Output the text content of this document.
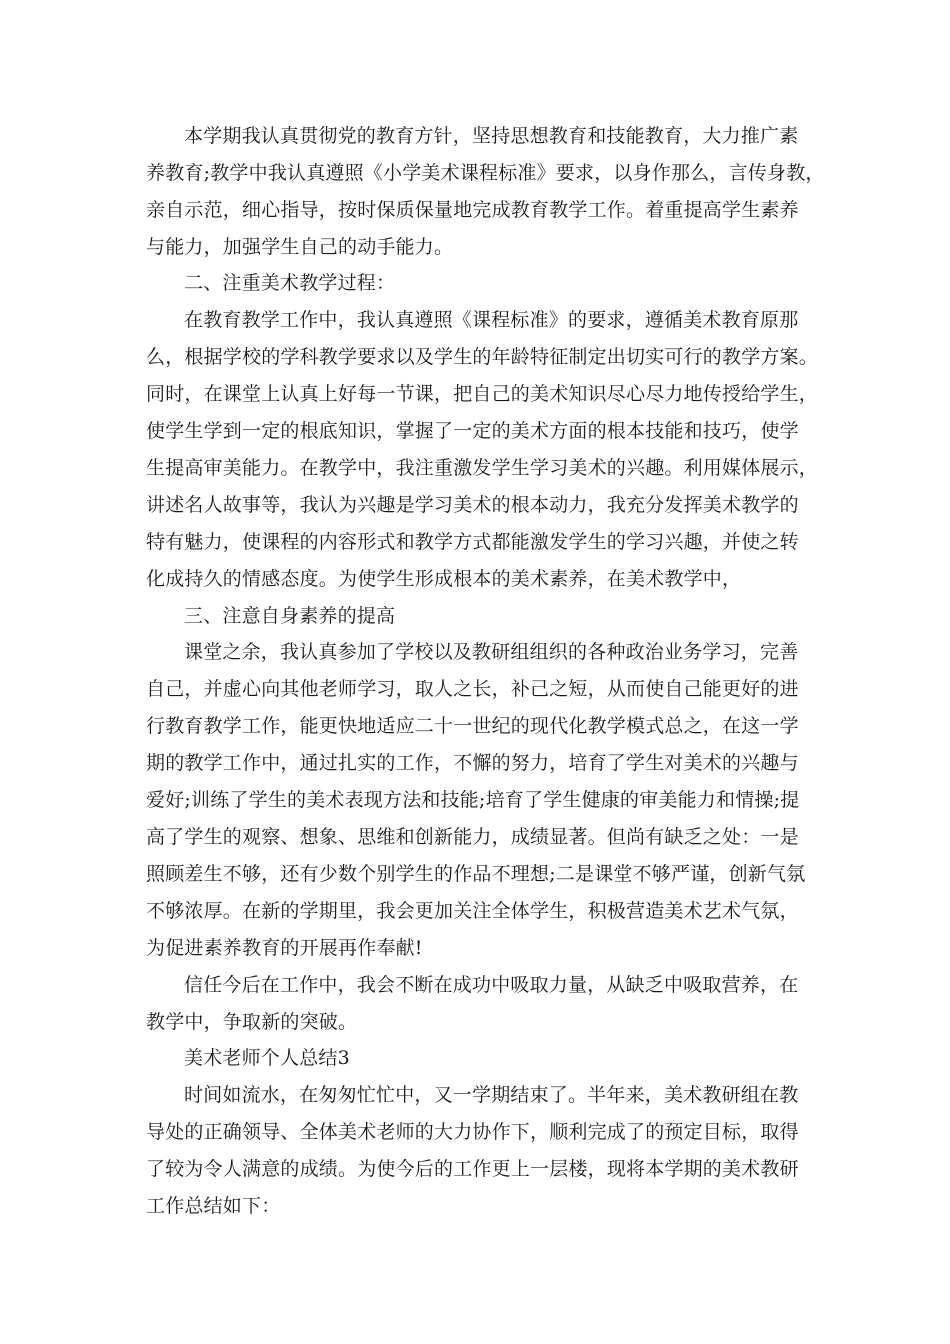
本学期我认真贯彻党的教育方针，坚持思想教育和技能教育，大力推广素
养教育;教学中我认真遵照《小学美术课程标准》要求，以身作那么，言传身教，
亲自示范，细心指导，按时保质保量地完成教育教学工作。着重提高学生素养
与能力，加强学生自己的动手能力。
二、注重美术教学过程：
在教育教学工作中，我认真遵照《课程标准》的要求，遵循美术教育原那
么，根据学校的学科教学要求以及学生的年龄特征制定出切实可行的教学方案。
同时，在课堂上认真上好每一节课，把自己的美术知识尽心尽力地传授给学生，
使学生学到一定的根底知识，掌握了一定的美术方面的根本技能和技巧，使学
生提高审美能力。在教学中，我注重激发学生学习美术的兴趣。利用媒体展示，
讲述名人故事等，我认为兴趣是学习美术的根本动力，我充分发挥美术教学的
特有魅力，使课程的内容形式和教学方式都能激发学生的学习兴趣，并使之转
化成持久的情感态度。为使学生形成根本的美术素养，在美术教学中，
三、注意自身素养的提高
课堂之余，我认真参加了学校以及教研组组织的各种政治业务学习，完善
自己，并虚心向其他老师学习，取人之长，补己之短，从而使自己能更好的进
行教育教学工作，能更快地适应二十一世纪的现代化教学模式总之，在这一学
期的教学工作中，通过扎实的工作，不懈的努力，培育了学生对美术的兴趣与
爱好;训练了学生的美术表现方法和技能;培育了学生健康的审美能力和情操;提
高了学生的观察、想象、思维和创新能力，成绩显著。但尚有缺乏之处：一是
照顾差生不够，还有少数个别学生的作品不理想;二是课堂不够严谨，创新气氛
不够浓厚。在新的学期里，我会更加关注全体学生，积极营造美术艺术气氛，
为促进素养教育的开展再作奉献!
信任今后在工作中，我会不断在成功中吸取力量，从缺乏中吸取营养，在
教学中，争取新的突破。
美术老师个人总结3
时间如流水，在匆匆忙忙中，又一学期结束了。半年来，美术教研组在教
导处的正确领导、全体美术老师的大力协作下，顺利完成了的预定目标，取得
了较为令人满意的成绩。为使今后的工作更上一层楼，现将本学期的美术教研
工作总结如下：
